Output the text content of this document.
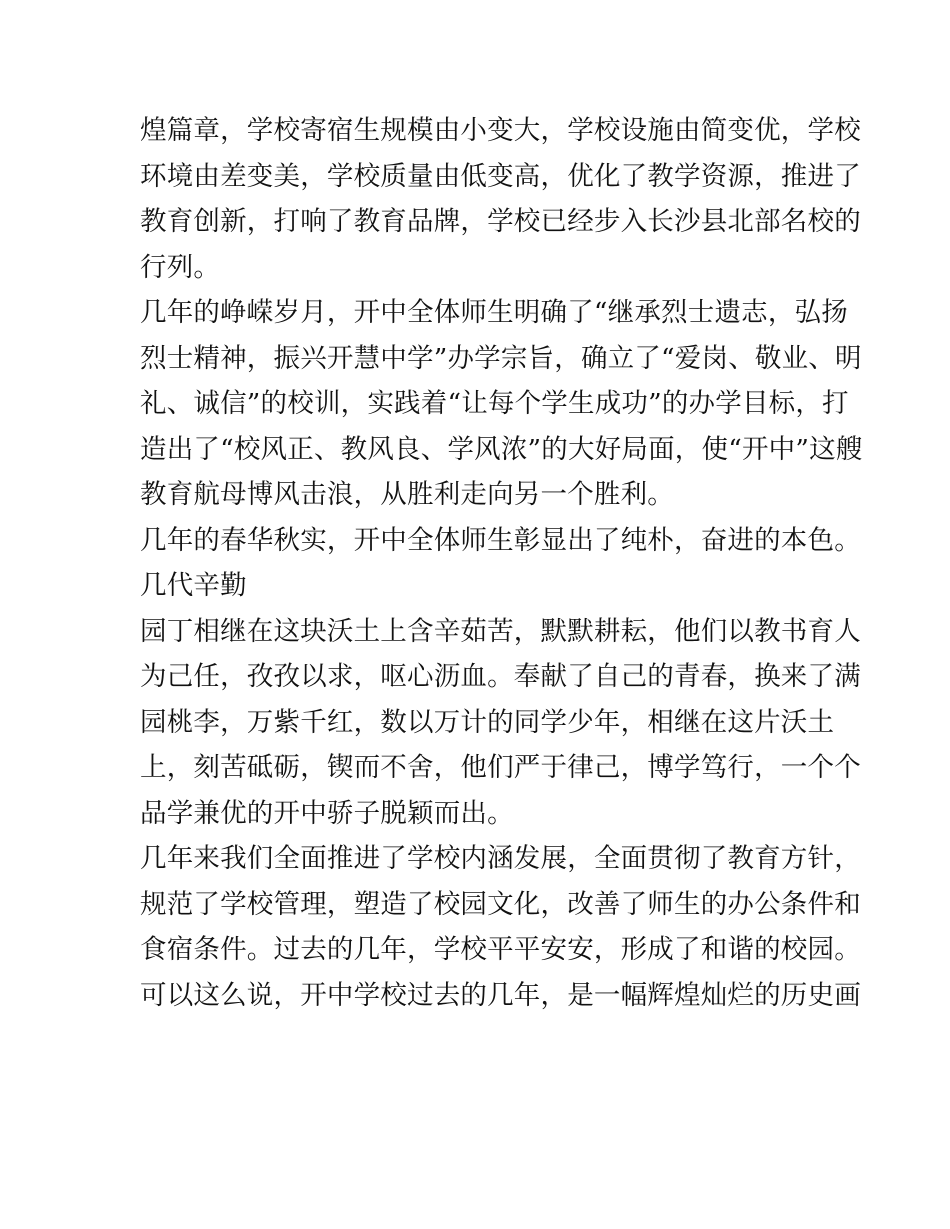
煌篇章，学校寄宿生规模由小变大，学校设施由简变优，学校
环境由差变美，学校质量由低变高，优化了教学资源，推进了
教育创新，打响了教育品牌，学校已经步入长沙县北部名校的
行列。
几年的峥嵘岁月，开中全体师生明确了“继承烈士遗志，弘扬
烈士精神，振兴开慧中学”办学宗旨，确立了“爱岗、敬业、明
礼、诚信”的校训，实践着“让每个学生成功”的办学目标，打
造出了“校风正、教风良、学风浓”的大好局面，使“开中”这艘
教育航母博风击浪，从胜利走向另一个胜利。
几年的春华秋实，开中全体师生彰显出了纯朴，奋进的本色。
几代辛勤
园丁相继在这块沃土上含辛茹苦，默默耕耘，他们以教书育人
为己任，孜孜以求，呕心沥血。奉献了自己的青春，换来了满
园桃李，万紫千红，数以万计的同学少年，相继在这片沃土
上，刻苦砥砺，锲而不舍，他们严于律己，博学笃行，一个个
品学兼优的开中骄子脱颖而出。
几年来我们全面推进了学校内涵发展，全面贯彻了教育方针，
规范了学校管理，塑造了校园文化，改善了师生的办公条件和
食宿条件。过去的几年，学校平平安安，形成了和谐的校园。
可以这么说，开中学校过去的几年，是一幅辉煌灿烂的历史画
